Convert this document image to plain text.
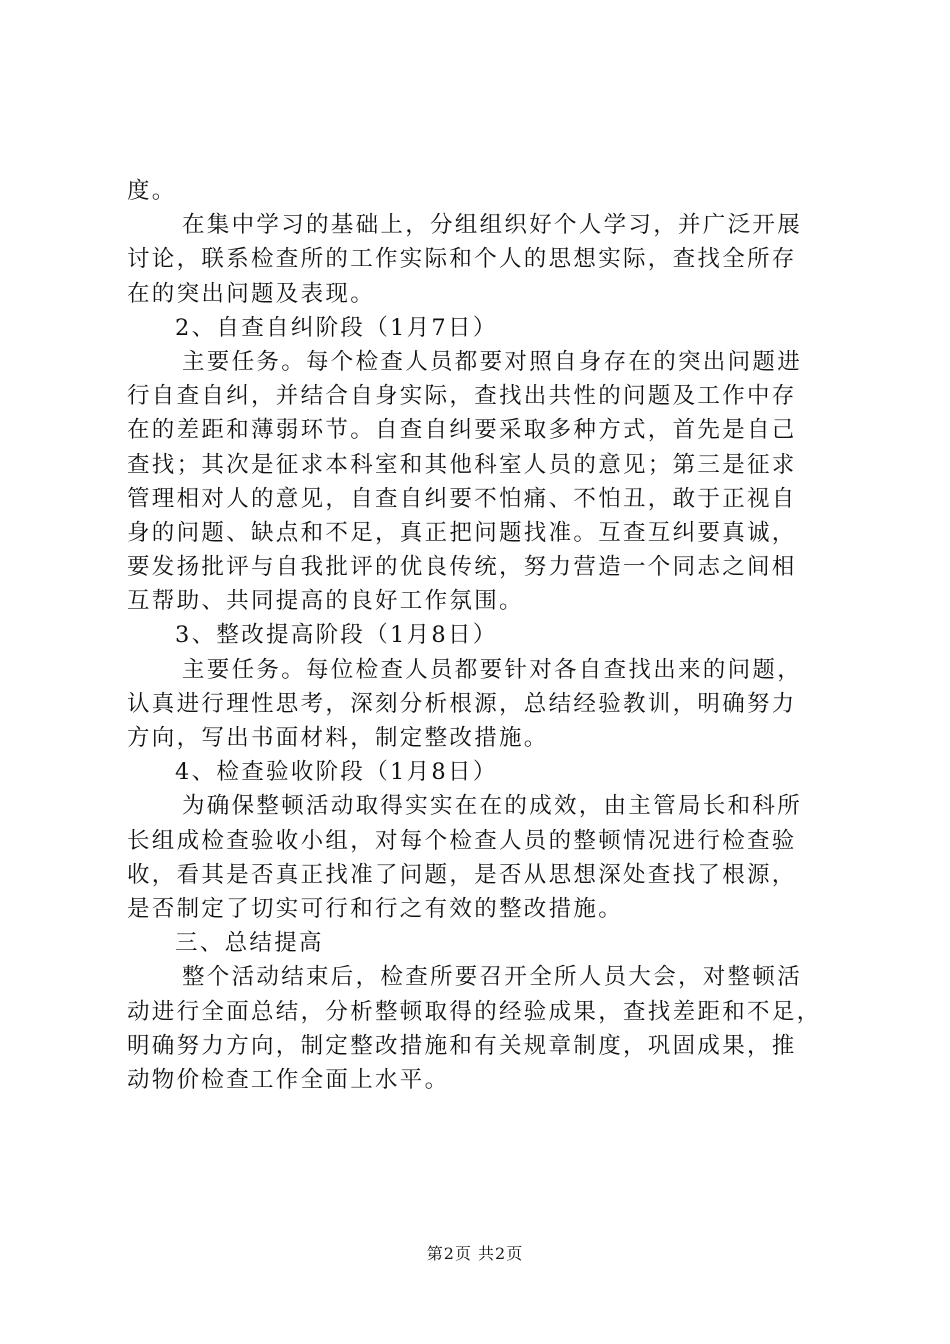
度。
在集中学习的基础上，分组组织好个人学习，并广泛开展
讨论，联系检查所的工作实际和个人的思想实际，查找全所存
在的突出问题及表现。
2、自查自纠阶段（1月7日）
主要任务。每个检查人员都要对照自身存在的突出问题进
行自查自纠，并结合自身实际，查找出共性的问题及工作中存
在的差距和薄弱环节。自查自纠要采取多种方式，首先是自己
查找；其次是征求本科室和其他科室人员的意见；第三是征求
管理相对人的意见，自查自纠要不怕痛、不怕丑，敢于正视自
身的问题、缺点和不足，真正把问题找准。互查互纠要真诚，
要发扬批评与自我批评的优良传统，努力营造一个同志之间相
互帮助、共同提高的良好工作氛围。
3、整改提高阶段（1月8日）
主要任务。每位检查人员都要针对各自查找出来的问题，
认真进行理性思考，深刻分析根源，总结经验教训，明确努力
方向，写出书面材料，制定整改措施。
4、检查验收阶段（1月8日）
为确保整顿活动取得实实在在的成效，由主管局长和科所
长组成检查验收小组，对每个检查人员的整顿情况进行检查验
收，看其是否真正找准了问题，是否从思想深处查找了根源，
是否制定了切实可行和行之有效的整改措施。
三、总结提高
整个活动结束后，检查所要召开全所人员大会，对整顿活
动进行全面总结，分析整顿取得的经验成果，查找差距和不足，
明确努力方向，制定整改措施和有关规章制度，巩固成果，推
动物价检查工作全面上水平。
第2页 共2页
